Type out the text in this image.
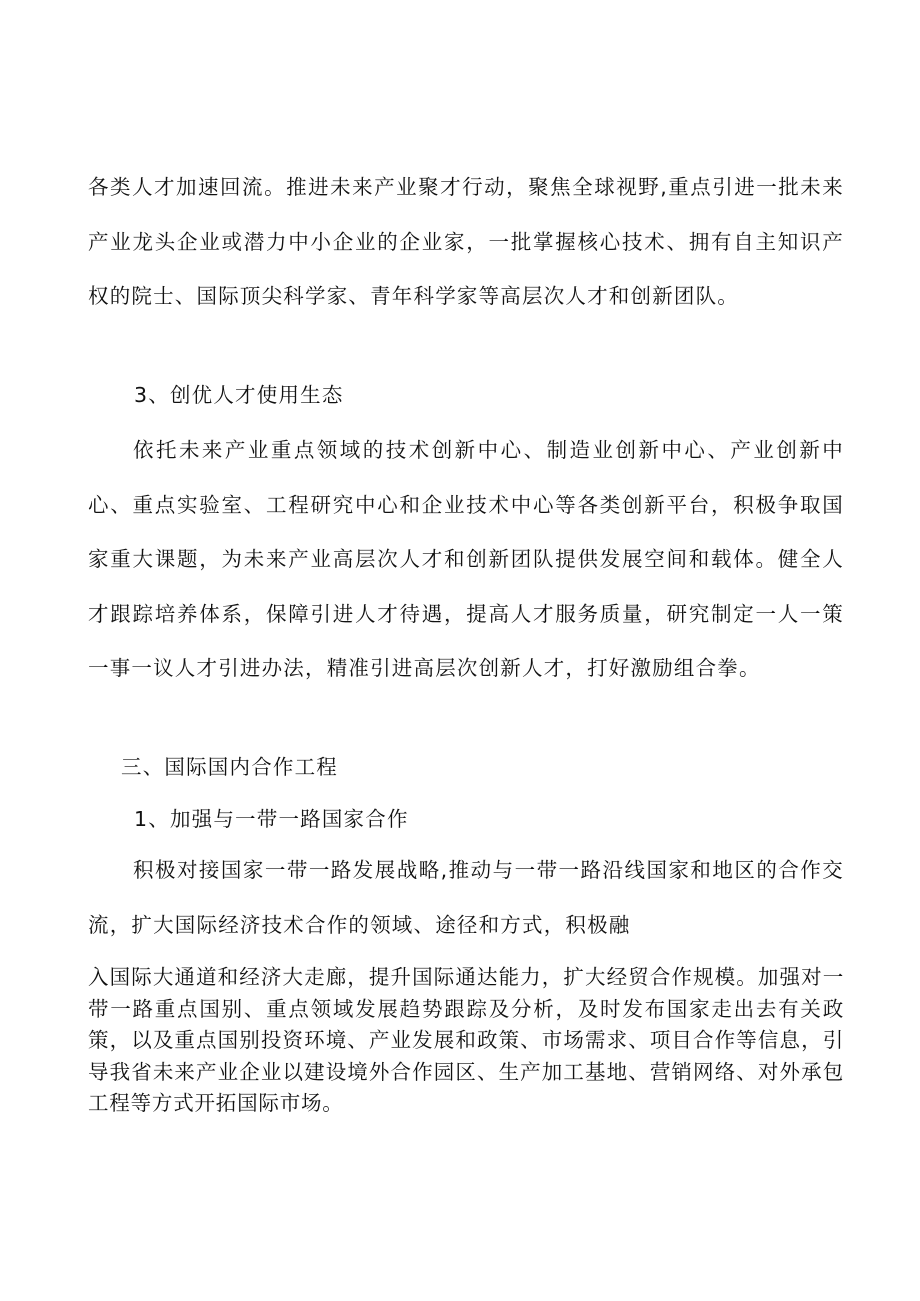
各类人才加速回流。推进未来产业聚才行动，聚焦全球视野,重点引进一批未来产业龙头企业或潜力中小企业的企业家，一批掌握核心技术、拥有自主知识产权的院士、国际顶尖科学家、青年科学家等高层次人才和创新团队。

3、创优人才使用生态

依托未来产业重点领域的技术创新中心、制造业创新中心、产业创新中心、重点实验室、工程研究中心和企业技术中心等各类创新平台，积极争取国家重大课题，为未来产业高层次人才和创新团队提供发展空间和载体。健全人才跟踪培养体系，保障引进人才待遇，提高人才服务质量，研究制定一人一策一事一议人才引进办法，精准引进高层次创新人才，打好激励组合拳。

三、国际国内合作工程

1、加强与一带一路国家合作

积极对接国家一带一路发展战略,推动与一带一路沿线国家和地区的合作交流，扩大国际经济技术合作的领域、途径和方式，积极融

入国际大通道和经济大走廊，提升国际通达能力，扩大经贸合作规模。加强对一带一路重点国别、重点领域发展趋势跟踪及分析，及时发布国家走出去有关政策，以及重点国别投资环境、产业发展和政策、市场需求、项目合作等信息，引导我省未来产业企业以建设境外合作园区、生产加工基地、营销网络、对外承包工程等方式开拓国际市场。
